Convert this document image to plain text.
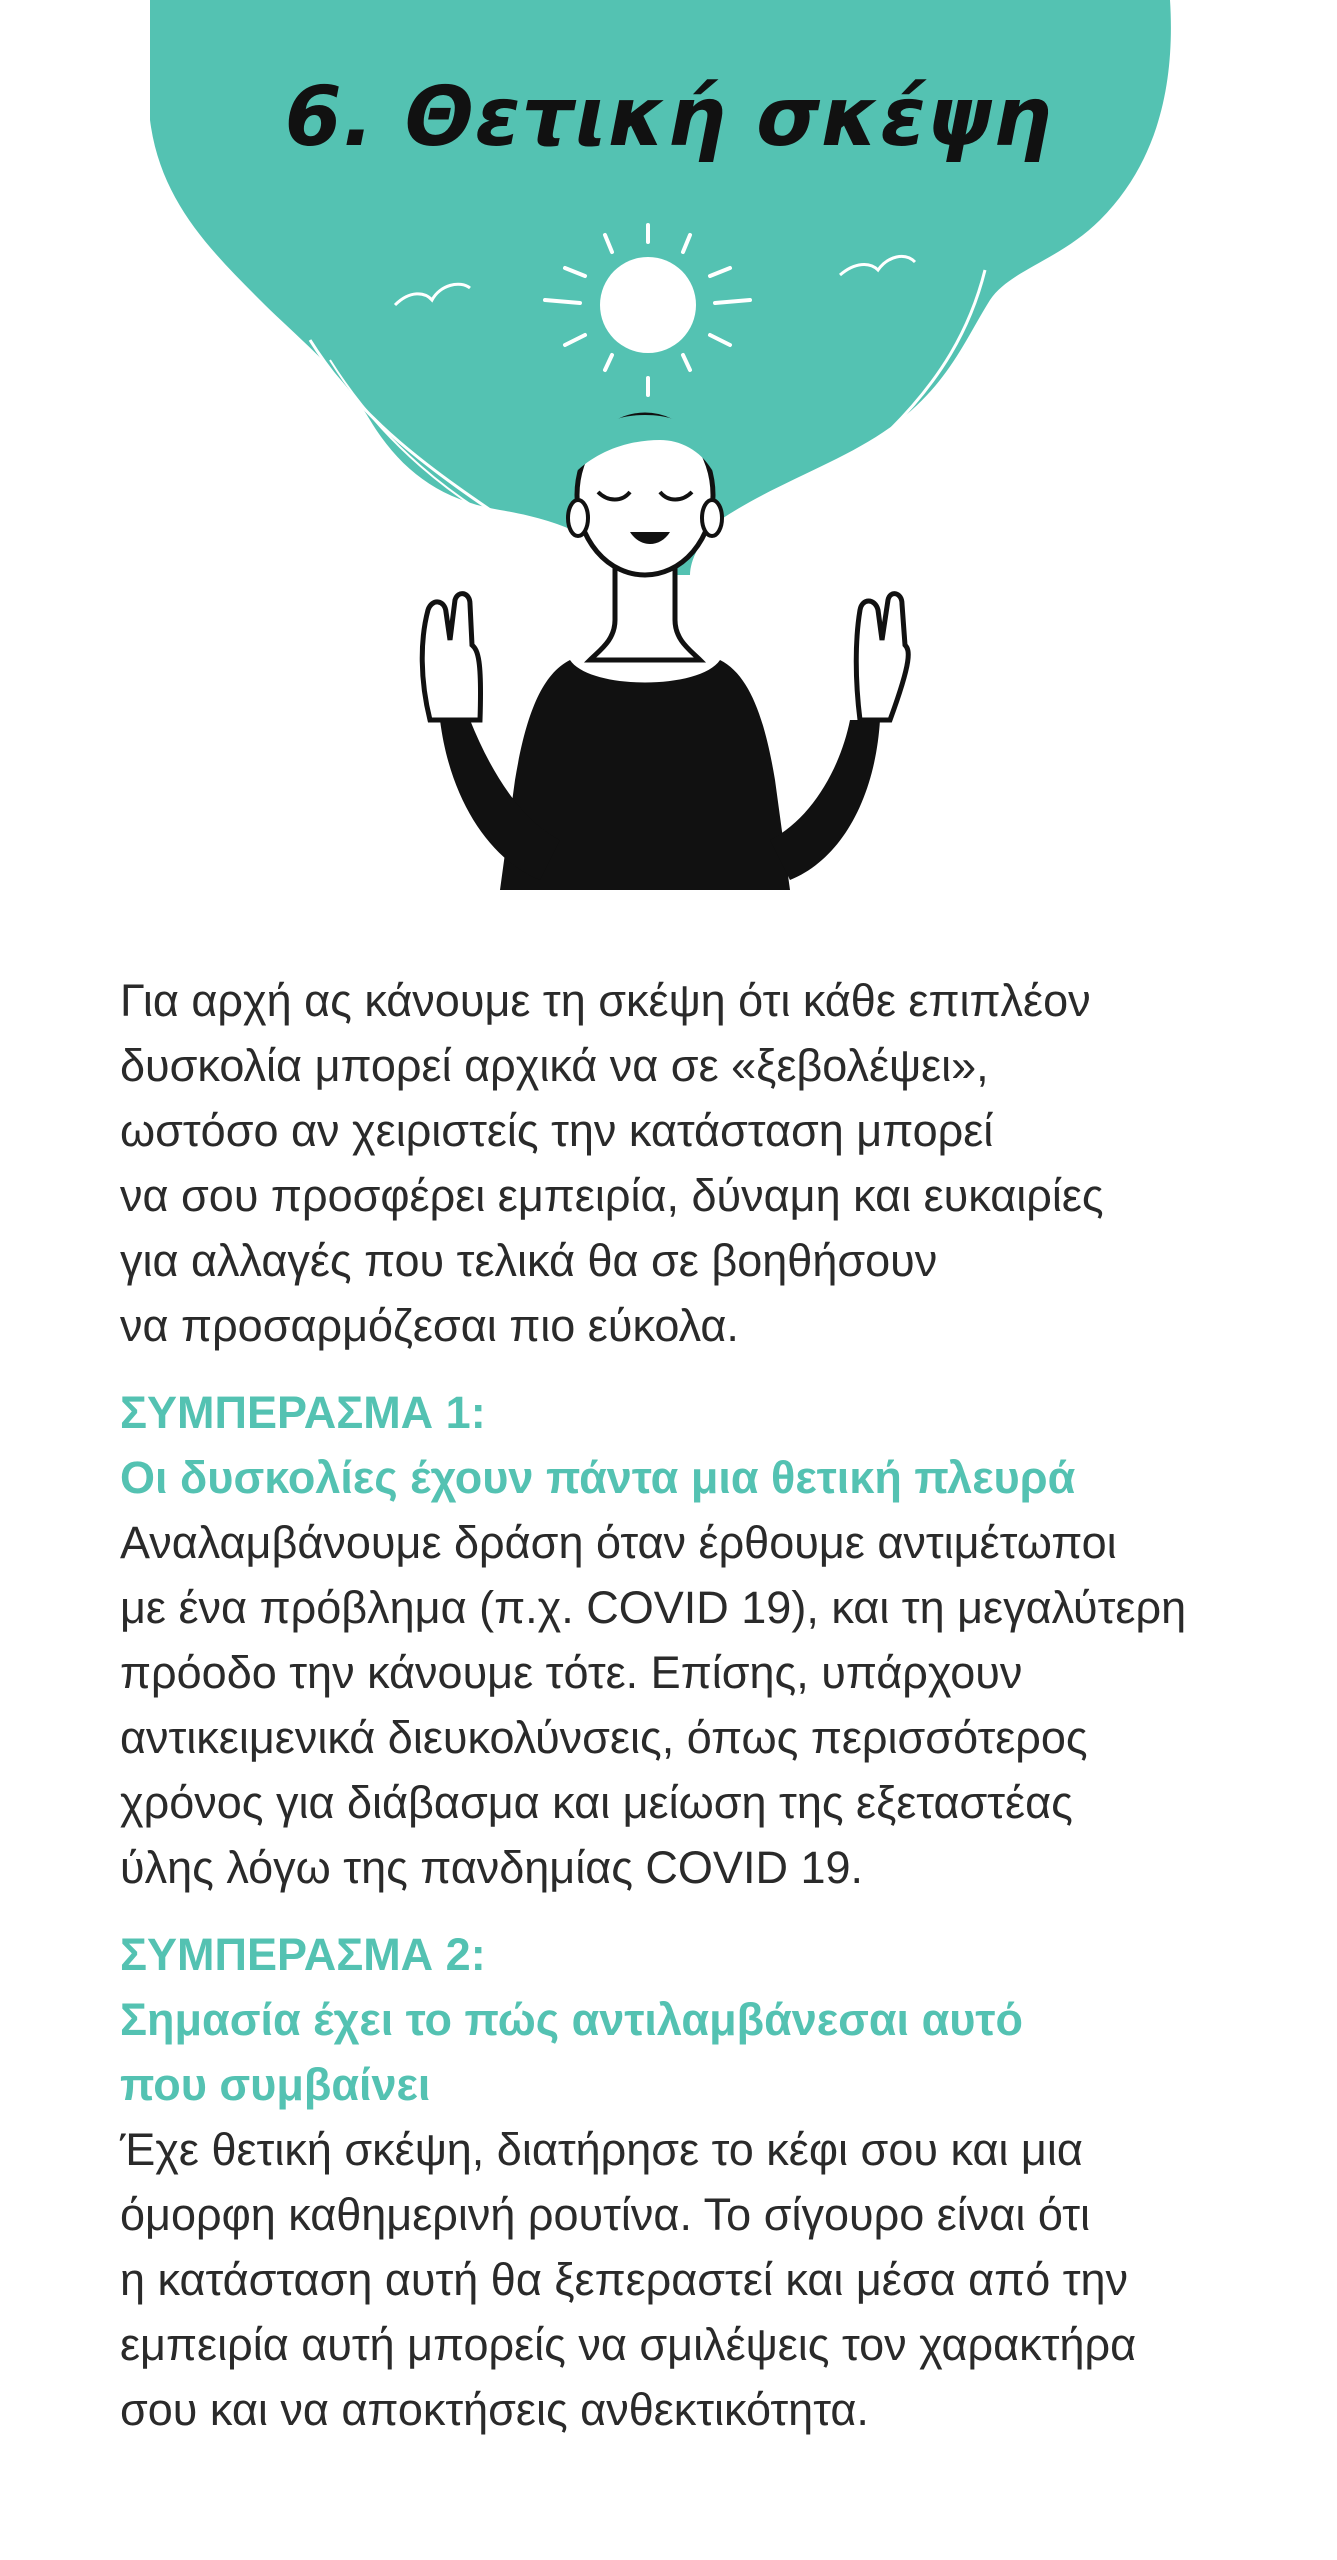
6. Θετική σκέψη

Για αρχή ας κάνουμε τη σκέψη ότι κάθε επιπλέον
δυσκολία μπορεί αρχικά να σε «ξεβολέψει»,
ωστόσο αν χειριστείς την κατάσταση μπορεί
να σου προσφέρει εμπειρία, δύναμη και ευκαιρίες
για αλλαγές που τελικά θα σε βοηθήσουν
να προσαρμόζεσαι πιο εύκολα.

ΣΥΜΠΕΡΑΣΜΑ 1:

Οι δυσκολίες έχουν πάντα μια θετική πλευρά

Αναλαμβάνουμε δράση όταν έρθουμε αντιμέτωποι
με ένα πρόβλημα (π.χ. COVID 19), και τη μεγαλύτερη
πρόοδο την κάνουμε τότε. Επίσης, υπάρχουν
αντικειμενικά διευκολύνσεις, όπως περισσότερος
χρόνος για διάβασμα και μείωση της εξεταστέας
ύλης λόγω της πανδημίας COVID 19.

ΣΥΜΠΕΡΑΣΜΑ 2:

Σημασία έχει το πώς αντιλαμβάνεσαι αυτό
που συμβαίνει

Έχε θετική σκέψη, διατήρησε το κέφι σου και μια
όμορφη καθημερινή ρουτίνα. Το σίγουρο είναι ότι
η κατάσταση αυτή θα ξεπεραστεί και μέσα από την
εμπειρία αυτή μπορείς να σμιλέψεις τον χαρακτήρα
σου και να αποκτήσεις ανθεκτικότητα.
